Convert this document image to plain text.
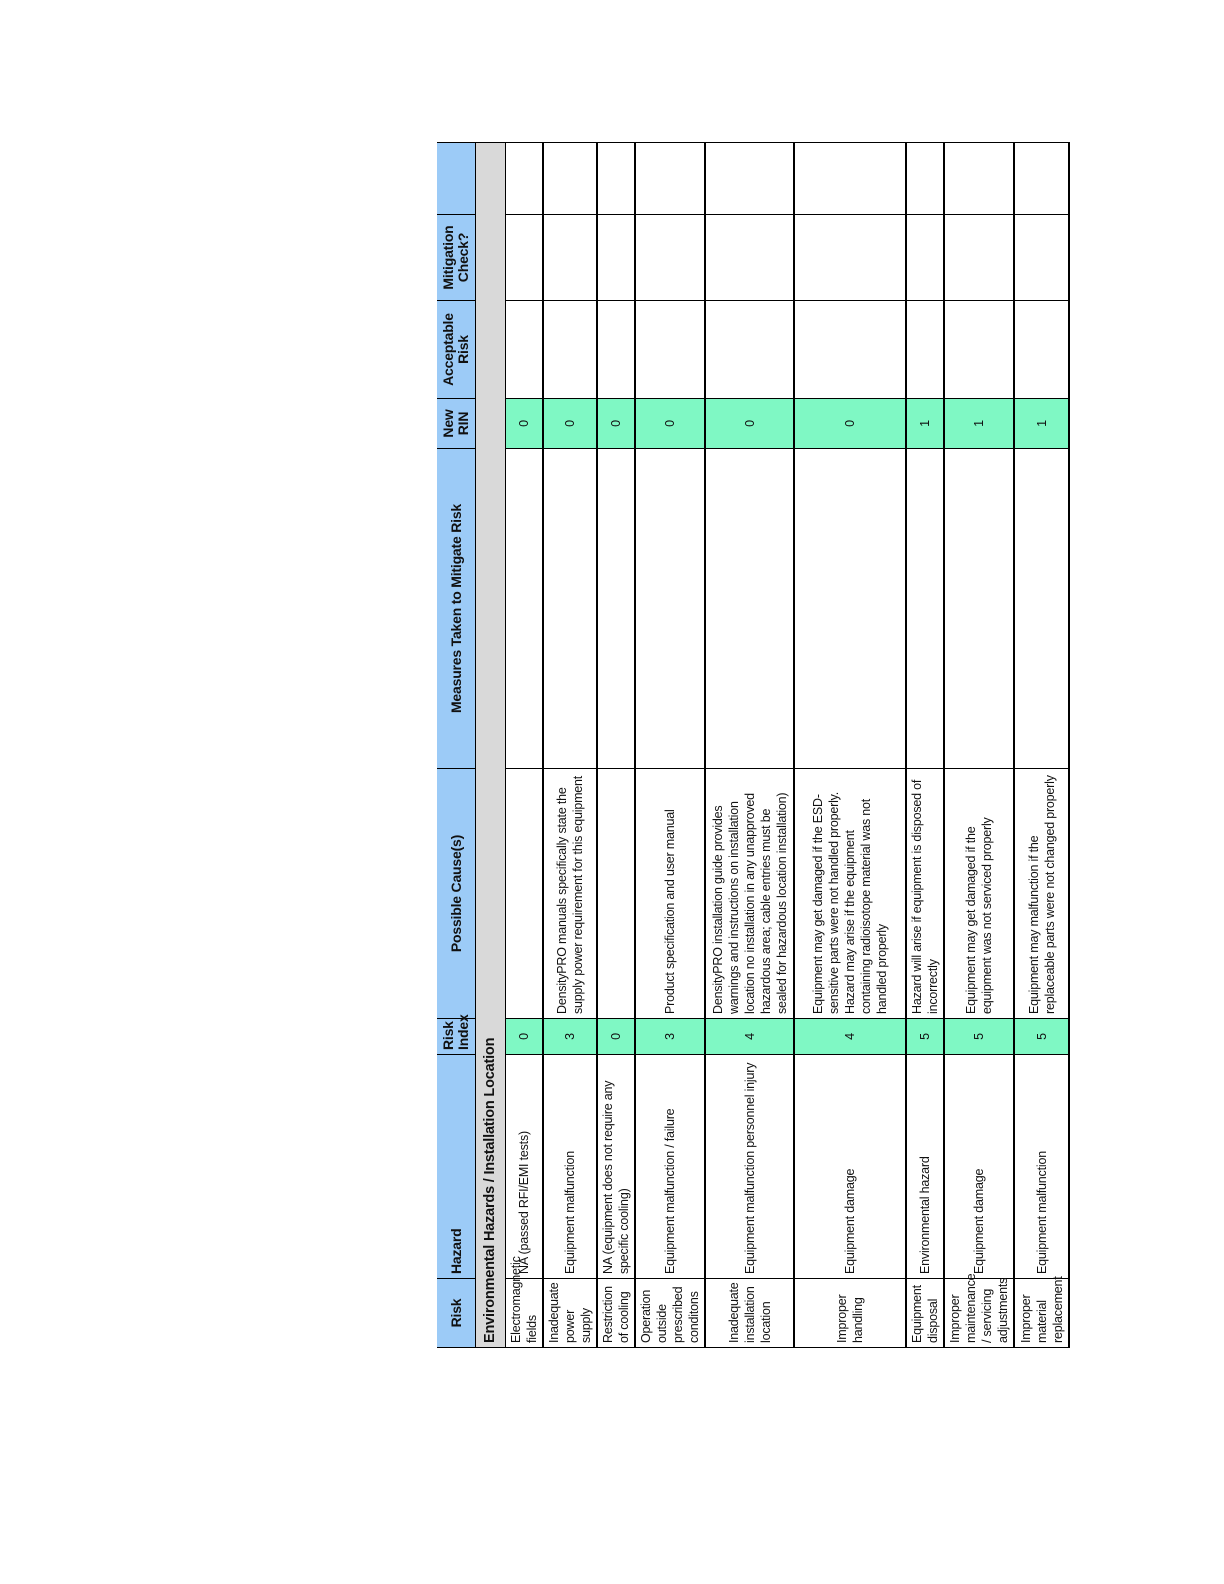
Risk	Hazard	Risk Index	Possible Cause(s)	Measures Taken to Mitigate Risk	New RIN	Acceptable Risk	Mitigation Check?	
Environmental Hazards / Installation Location								
Electromagnetic fields	NA (passed RFI/EMI tests)	0			0			
Inadequate power supply	Equipment malfunction	3	DensityPRO manuals specifically state the supply power requirement for this equipment		0			
Restriction of cooling	NA (equipment does not require any specific cooling)	0			0			
Operation outside prescribed conditons	Equipment malfunction / failure	3	Product specification and user manual		0			
Inadequate installation location	Equipment malfunction personnel injury	4	DensityPRO installation guide provides warnings and instructions on installation location no installation in any unapproved hazardous area; cable entries must be sealed for hazardous location installation)		0			
Improper handling	Equipment damage	4	Equipment may get damaged if the ESD-sensitive parts were not handled properly. Hazard may arise if the equipment containing radioisotope material was not handled properly		0			
Equipment disposal	Environmental hazard	5	Hazard will arise if equipment is disposed of incorrectly		1			
Improper maintenance / servicing adjustments	Equipment damage	5	Equipment may get damaged if the equipment was not serviced properly		1			
Improper material replacement	Equipment malfunction	5	Equipment may malfunction if the replaceable parts were not changed properly		1			
